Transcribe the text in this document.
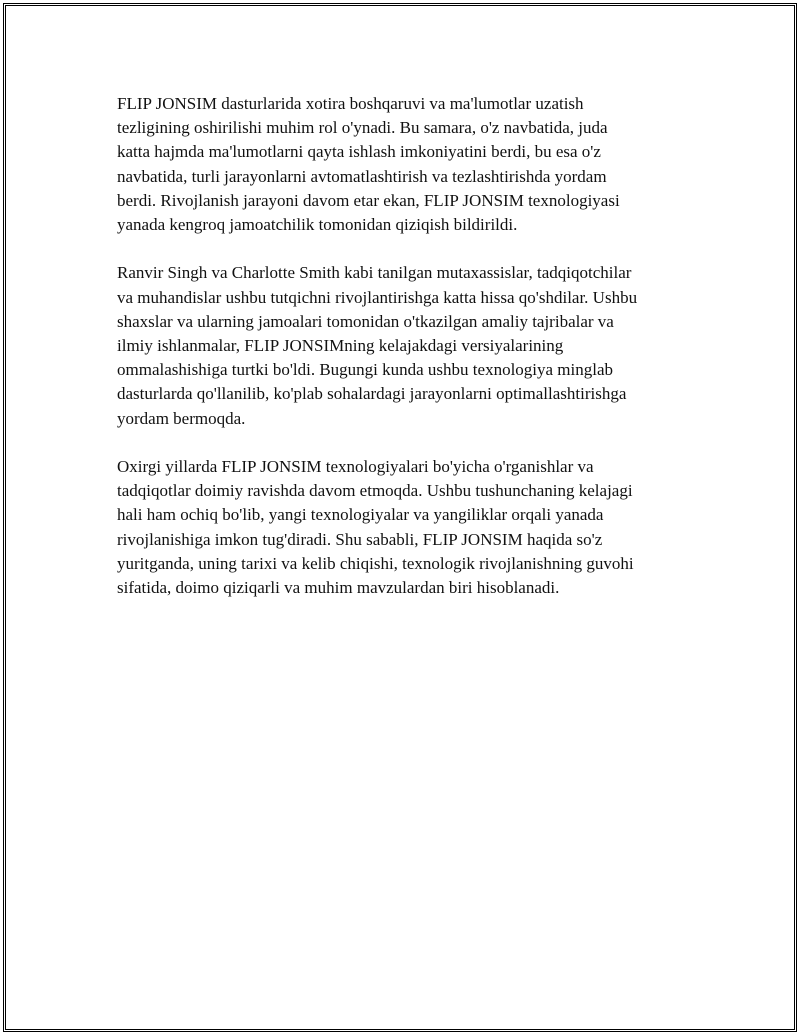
FLIP JONSIM dasturlarida xotira boshqaruvi va ma'lumotlar uzatish
tezligining oshirilishi muhim rol o'ynadi. Bu samara, o'z navbatida, juda
katta hajmda ma'lumotlarni qayta ishlash imkoniyatini berdi, bu esa o'z
navbatida, turli jarayonlarni avtomatlashtirish va tezlashtirishda yordam
berdi. Rivojlanish jarayoni davom etar ekan, FLIP JONSIM texnologiyasi
yanada kengroq jamoatchilik tomonidan qiziqish bildirildi.

Ranvir Singh va Charlotte Smith kabi tanilgan mutaxassislar, tadqiqotchilar
va muhandislar ushbu tutqichni rivojlantirishga katta hissa qo'shdilar. Ushbu
shaxslar va ularning jamoalari tomonidan o'tkazilgan amaliy tajribalar va
ilmiy ishlanmalar, FLIP JONSIMning kelajakdagi versiyalarining
ommalashishiga turtki bo'ldi. Bugungi kunda ushbu texnologiya minglab
dasturlarda qo'llanilib, ko'plab sohalardagi jarayonlarni optimallashtirishga
yordam bermoqda.

Oxirgi yillarda FLIP JONSIM texnologiyalari bo'yicha o'rganishlar va
tadqiqotlar doimiy ravishda davom etmoqda. Ushbu tushunchaning kelajagi
hali ham ochiq bo'lib, yangi texnologiyalar va yangiliklar orqali yanada
rivojlanishiga imkon tug'diradi. Shu sababli, FLIP JONSIM haqida so'z
yuritganda, uning tarixi va kelib chiqishi, texnologik rivojlanishning guvohi
sifatida, doimo qiziqarli va muhim mavzulardan biri hisoblanadi.
